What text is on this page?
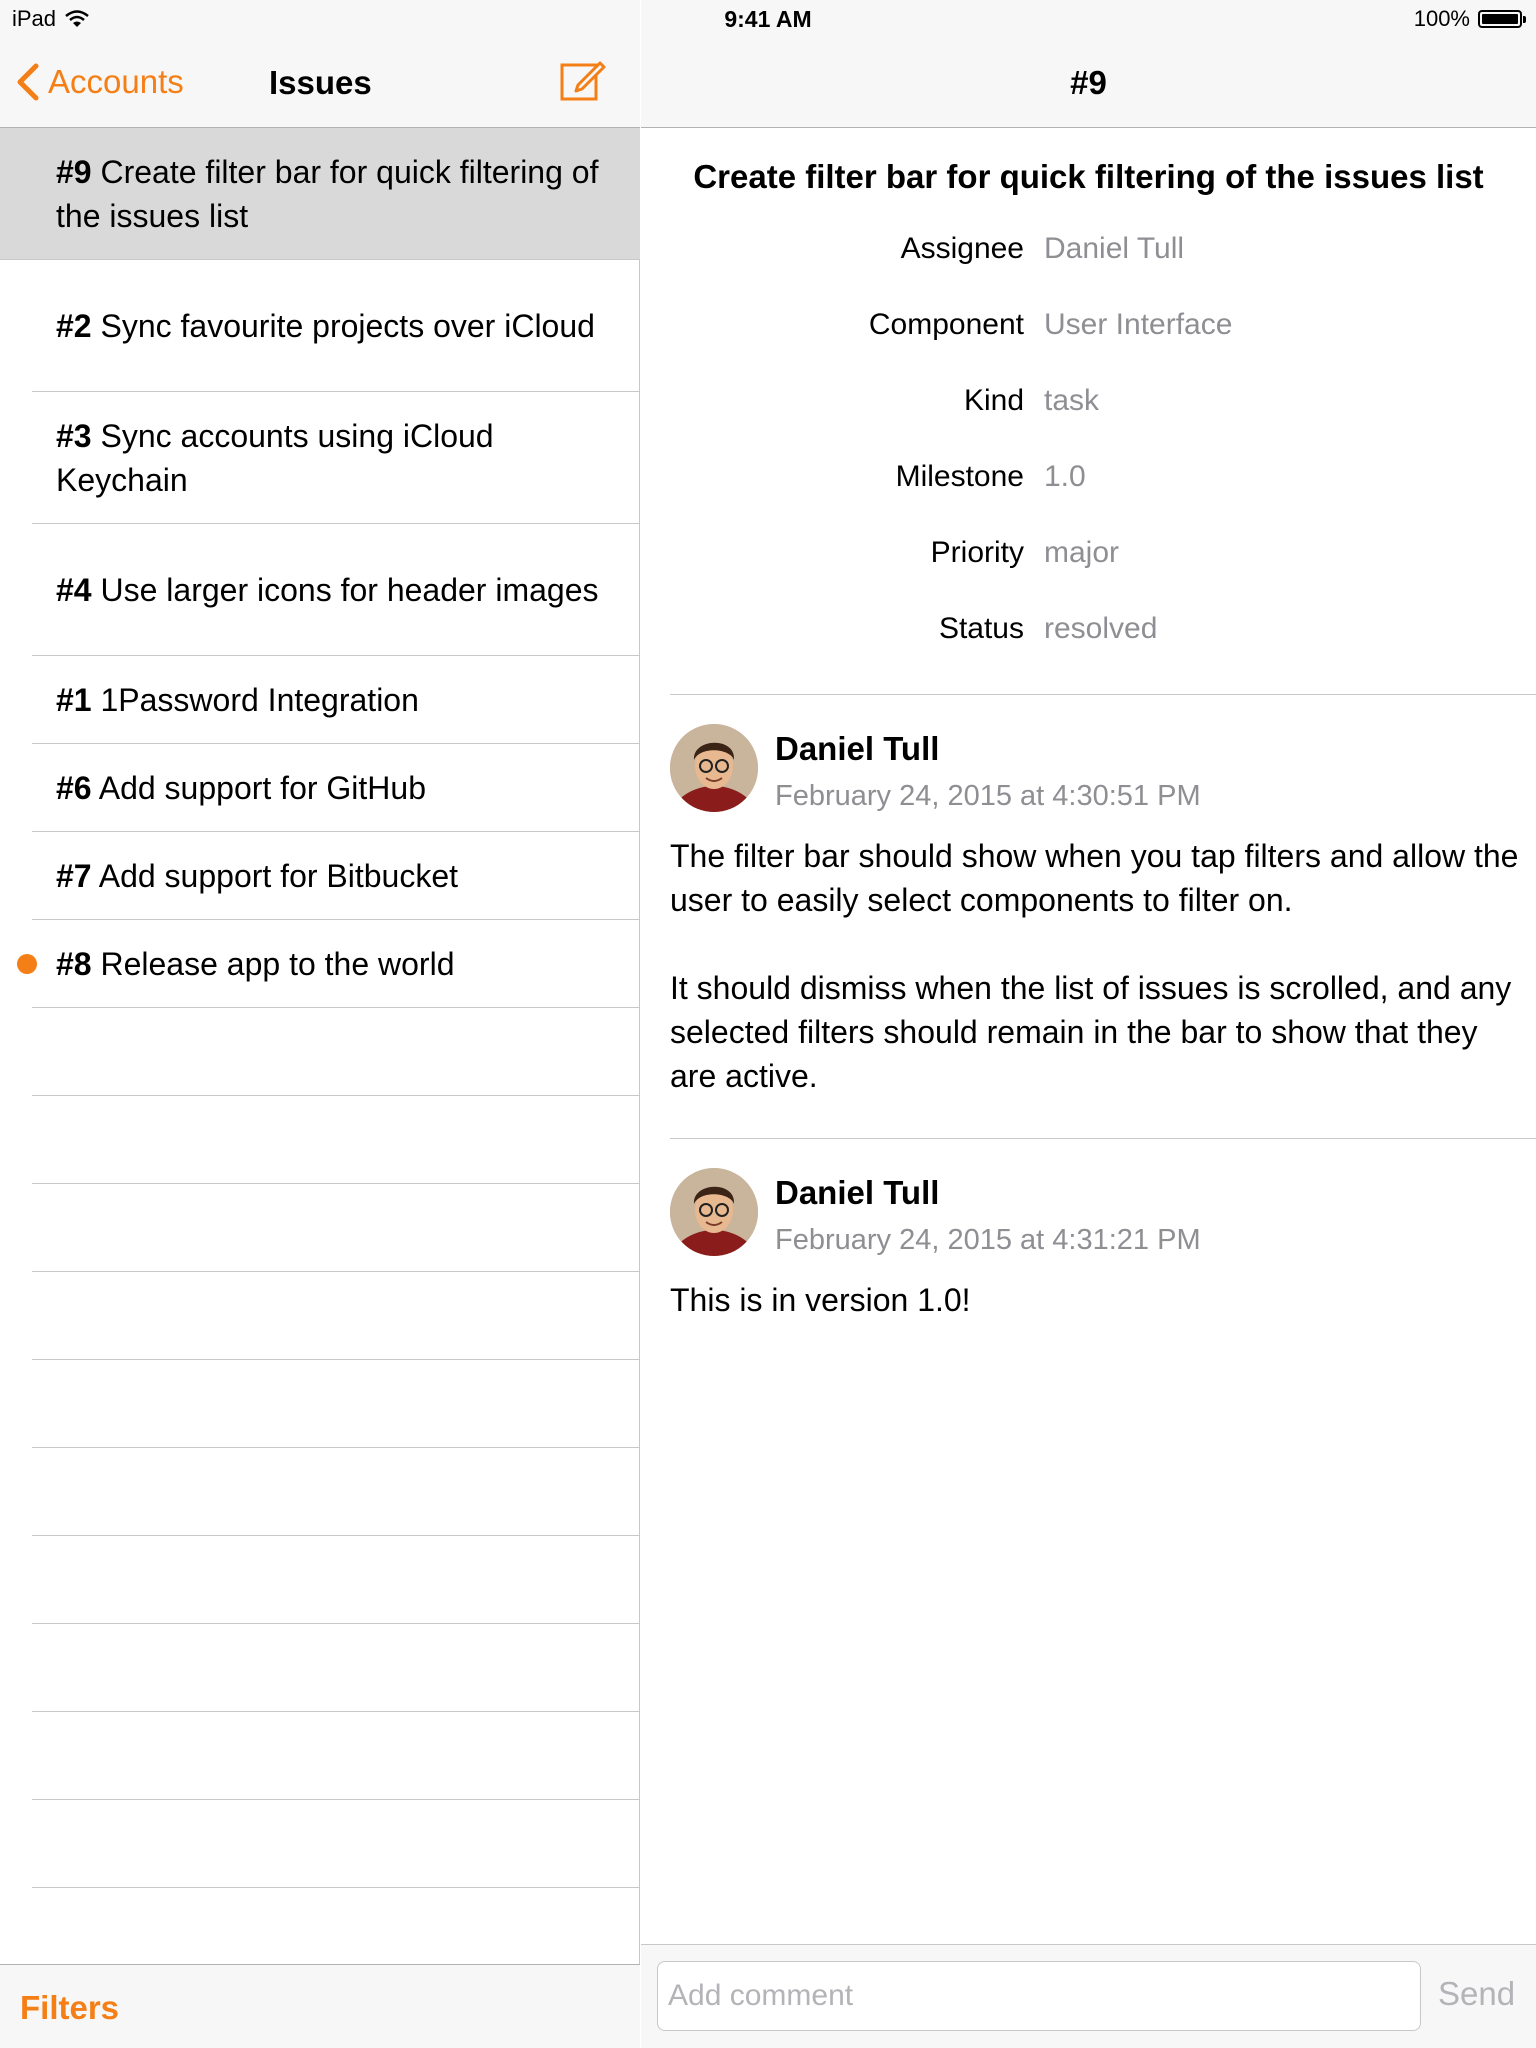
Accounts	Issues
#9 Create filter bar for quick filtering of the issues list
#2 Sync favourite projects over iCloud
#3 Sync accounts using iCloud Keychain
#4 Use larger icons for header images
#1 1Password Integration
#6 Add support for GitHub
#7 Add support for Bitbucket
#8 Release app to the world
Filters
#9
Create filter bar for quick filtering of the issues list
Assignee Daniel Tull
Component User Interface
Kind task
Milestone 1.0
Priority major
Status resolved
Daniel Tull
February 24, 2015 at 4:30:51 PM
The filter bar should show when you tap filters and allow the user to easily select components to filter on.

It should dismiss when the list of issues is scrolled, and any selected filters should remain in the bar to show that they are active.
Daniel Tull
February 24, 2015 at 4:31:21 PM
This is in version 1.0!
Add comment
Send
iPad	9:41 AM	100%
